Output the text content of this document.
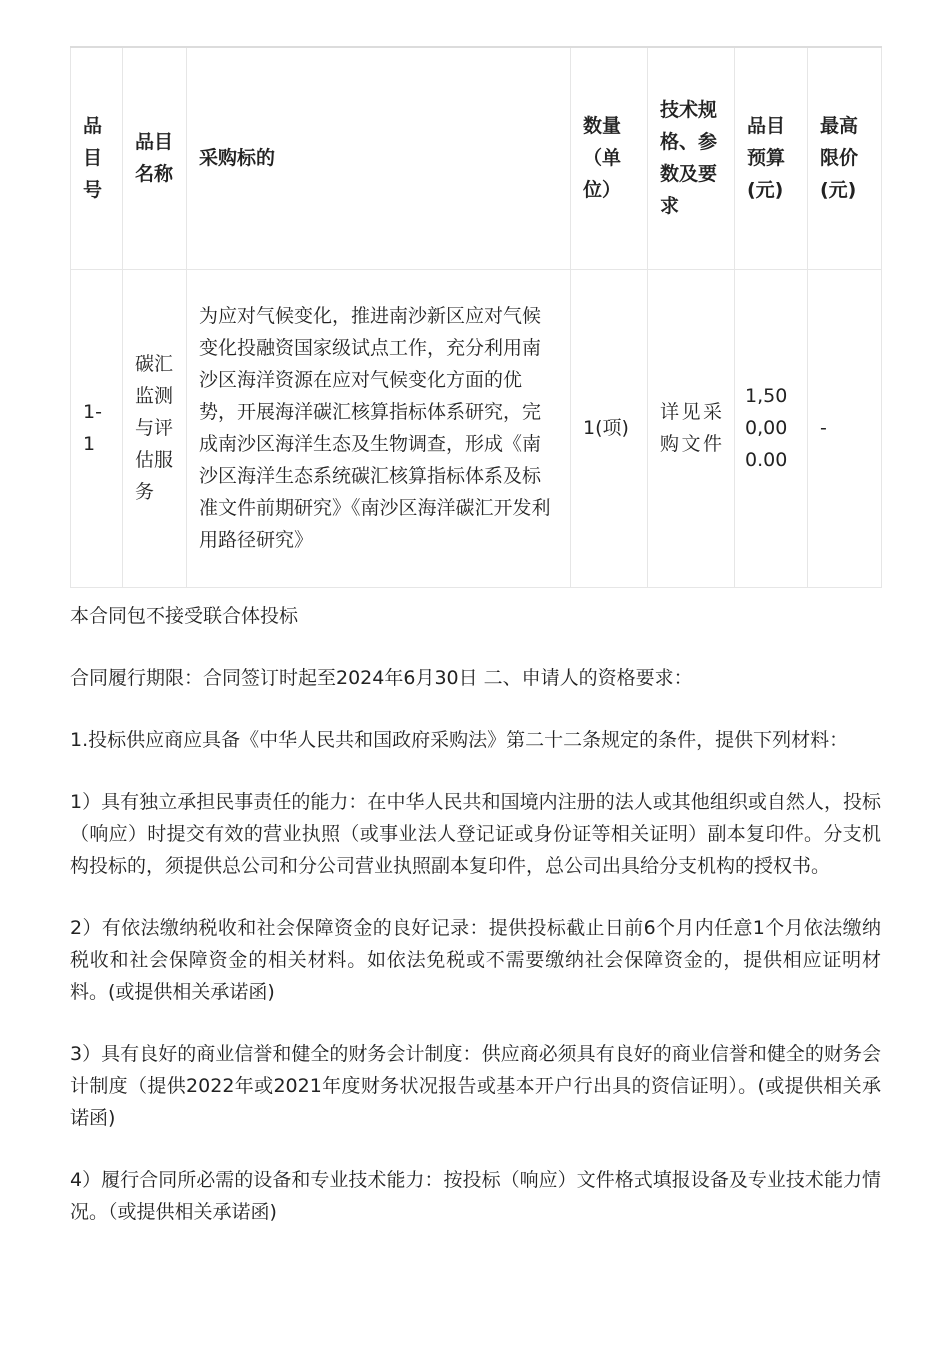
品目号	品目名称	采购标的	数量（单位）	技术规格、参数及要求	品目预算(元)	最高限价(元)
1-1	碳汇监测与评估服务	为应对气候变化，推进南沙新区应对气候变化投融资国家级试点工作，充分利用南沙区海洋资源在应对气候变化方面的优势，开展海洋碳汇核算指标体系研究，完成南沙区海洋生态及生物调查，形成《南沙区海洋生态系统碳汇核算指标体系及标准文件前期研究》《南沙区海洋碳汇开发利用路径研究》	1(项)	详见采购文件	1,500,000.00	-

本合同包不接受联合体投标

合同履行期限：合同签订时起至2024年6月30日 二、申请人的资格要求：

1.投标供应商应具备《中华人民共和国政府采购法》第二十二条规定的条件，提供下列材料：

1）具有独立承担民事责任的能力：在中华人民共和国境内注册的法人或其他组织或自然人，投标（响应）时提交有效的营业执照（或事业法人登记证或身份证等相关证明）副本复印件。分支机构投标的，须提供总公司和分公司营业执照副本复印件，总公司出具给分支机构的授权书。

2）有依法缴纳税收和社会保障资金的良好记录：提供投标截止日前6个月内任意1个月依法缴纳税收和社会保障资金的相关材料。如依法免税或不需要缴纳社会保障资金的，提供相应证明材料。(或提供相关承诺函)

3）具有良好的商业信誉和健全的财务会计制度：供应商必须具有良好的商业信誉和健全的财务会计制度（提供2022年或2021年度财务状况报告或基本开户行出具的资信证明）。(或提供相关承诺函)

4）履行合同所必需的设备和专业技术能力：按投标（响应）文件格式填报设备及专业技术能力情况。（或提供相关承诺函)
